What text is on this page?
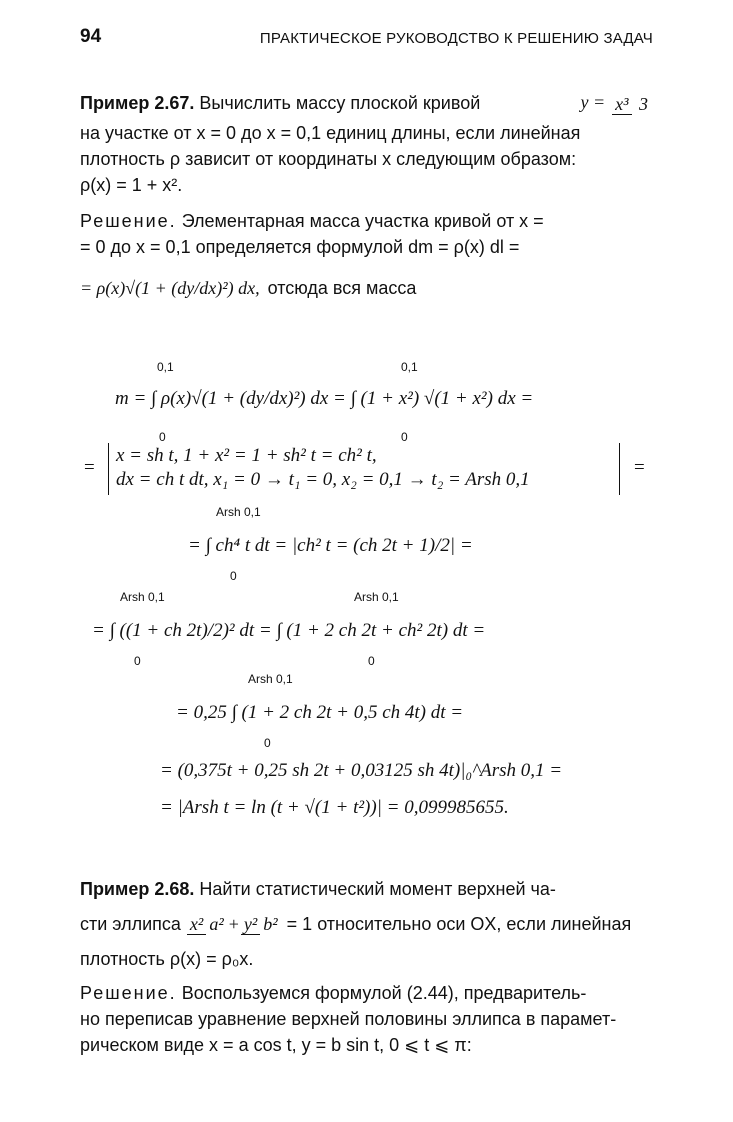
94	ПРАКТИЧЕСКОЕ РУКОВОДСТВО К РЕШЕНИЮ ЗАДАЧ
Пример 2.67. Вычислить массу плоской кривой	y = x³ 3
на участке от x = 0 до x = 0,1 единиц длины, если линейная
плотность ρ зависит от координаты x следующим образом:
ρ(x) = 1 + x².
Решение. Элементарная масса участка кривой от x =
= 0 до x = 0,1 определяется формулой dm = ρ(x) dl =
= ρ(x)√(1 + (dy/dx)²) dx, отсюда вся масса
0,1	0,1
0	0
m = ∫ ρ(x)√(1 + (dy/dx)²) dx = ∫ (1 + x²) √(1 + x²) dx =
=
x = sh t, 1 + x² = 1 + sh² t = ch² t,
dx = ch t dt, x₁ = 0 → t₁ = 0, x₂ = 0,1 → t₂ = Arsh 0,1
=
Arsh 0,1
0
= ∫ ch⁴ t dt = |ch² t = (ch 2t + 1)/2| =
Arsh 0,1	Arsh 0,1
0	0
= ∫ ((1 + ch 2t)/2)² dt = ∫ (1 + 2 ch 2t + ch² 2t) dt =
Arsh 0,1
0
= 0,25 ∫ (1 + 2 ch 2t + 0,5 ch 4t) dt =
= (0,375t + 0,25 sh 2t + 0,03125 sh 4t)|₀^Arsh 0,1 =
= |Arsh t = ln (t + √(1 + t²))| = 0,099985655.
Пример 2.68. Найти статистический момент верхней ча-
сти эллипса x² a² + y² b² = 1 относительно оси OX, если линейная
плотность ρ(x) = ρ₀x.
Решение. Воспользуемся формулой (2.44), предваритель-
но переписав уравнение верхней половины эллипса в парамет-
рическом виде x = a cos t, y = b sin t, 0 ⩽ t ⩽ π:
